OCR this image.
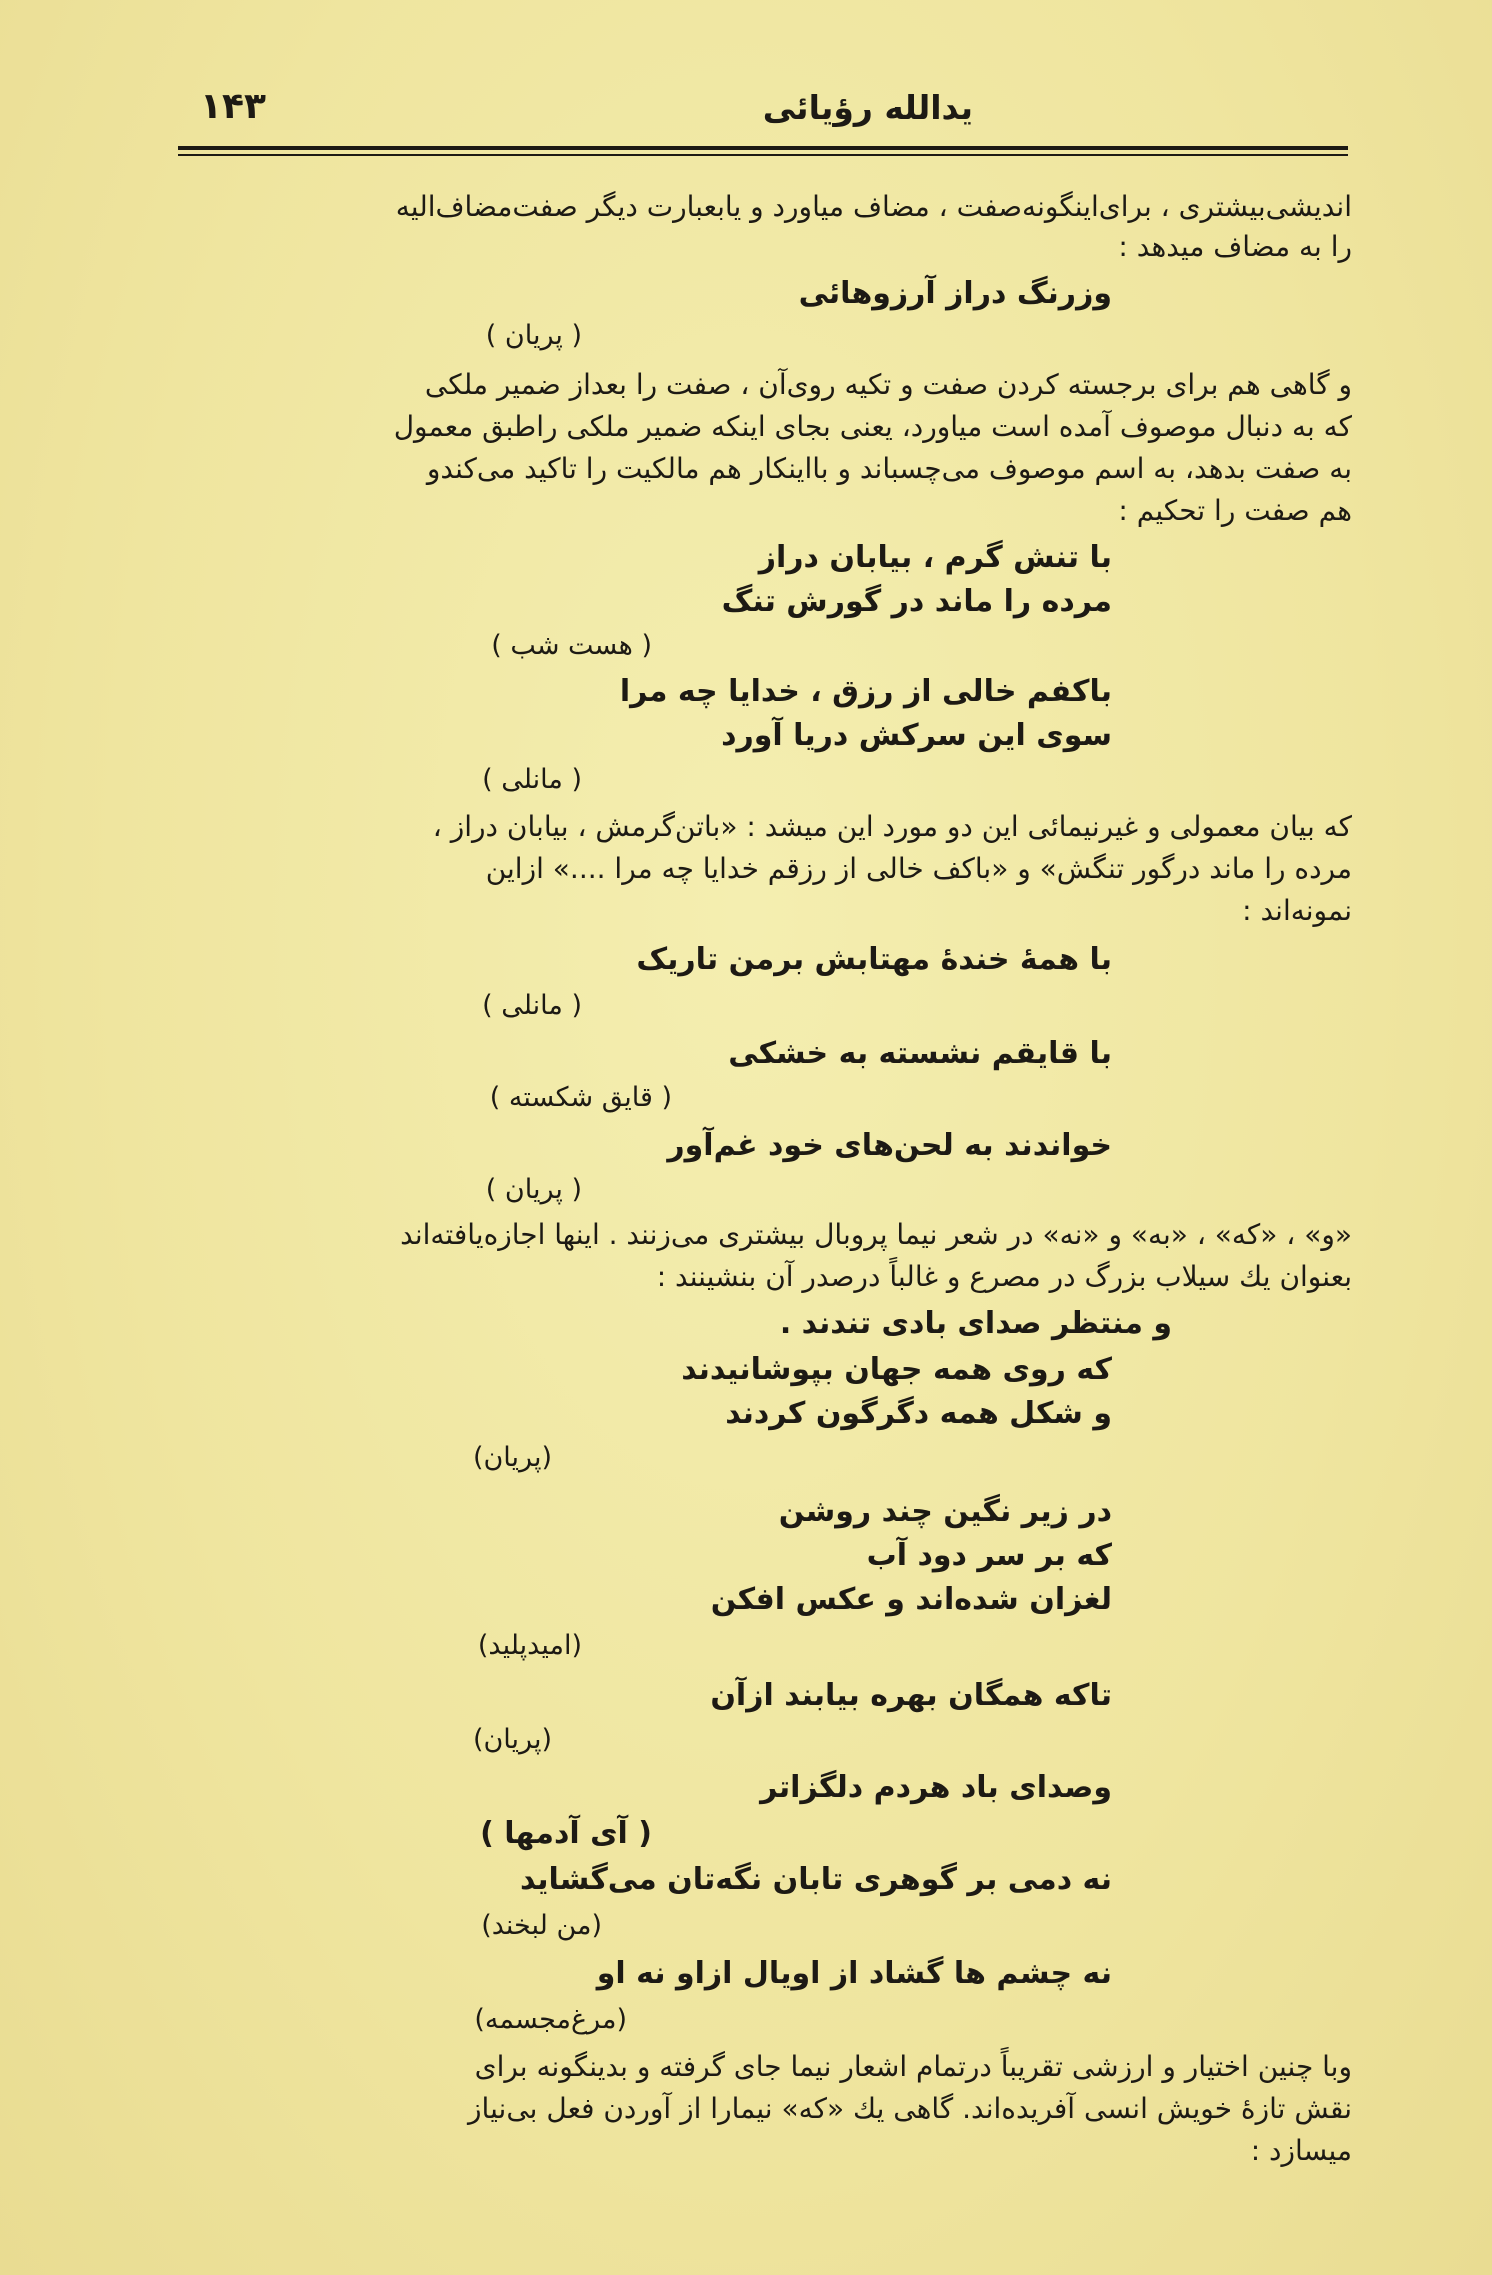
یدالله رؤیائی
۱۴۳
اندیشی‌بیشتری ، برای‌اینگونه‌صفت ، مضاف میاورد و یابعبارت دیگر صفت‌مضاف‌الیه
را به مضاف میدهد :
وزرنگ دراز آرزوهائی
( پریان )
و گاهی هم برای برجسته کردن صفت و تکیه روی‌آن ، صفت را بعداز ضمیر ملکی
که به دنبال موصوف آمده است میاورد، یعنی بجای اینکه ضمیر ملکی راطبق معمول
به صفت بدهد، به اسم موصوف می‌چسباند و بااینکار هم مالکیت را تاکید می‌کندو
هم صفت را تحکیم :
با تنش گرم ، بیابان دراز
مرده را ماند در گورش تنگ
( هست شب )
باکفم خالی از رزق ، خدایا چه مرا
سوی این سرکش دریا آورد
( مانلی )
که بیان معمولی و غیرنیمائی این دو مورد این میشد : «باتن‌گرمش ، بیابان دراز ،
مرده را ماند درگور تنگش» و «باکف خالی از رزقم خدایا چه مرا ....» ازاین
نمونه‌اند :
با همهٔ خندهٔ مهتابش برمن تاریک
( مانلی )
با قایقم نشسته به خشکی
( قایق شکسته )
خواندند به لحن‌های خود غم‌آور
( پریان )
«و» ، «که» ، «به» و «نه» در شعر نیما پروبال بیشتری می‌زنند . اینها اجازه‌یافته‌اند
بعنوان یك سیلاب بزرگ در مصرع و غالباً درصدر آن بنشینند :
و منتظر صدای بادی تندند .
که روی همه جهان بپوشانیدند
و شکل همه دگرگون کردند
(پریان)
در زیر نگین چند روشن
که بر سر دود آب
لغزان شده‌اند و عکس افکن
(امیدپلید)
تاکه همگان بهره بیابند ازآن
(پریان)
وصدای باد هردم دلگزاتر
( آی آدمها )
نه دمی بر گوهری تابان نگه‌تان می‌گشاید
(من لبخند)
نه چشم ها گشاد از اویال ازاو نه او
(مرغ‌مجسمه)
وبا چنین اختیار و ارزشی تقریباً درتمام اشعار نیما جای گرفته و بدینگونه برای
نقش تازهٔ خویش انسی آفریده‌اند. گاهی یك «که» نیمارا از آوردن فعل بی‌نیاز
میسازد :
